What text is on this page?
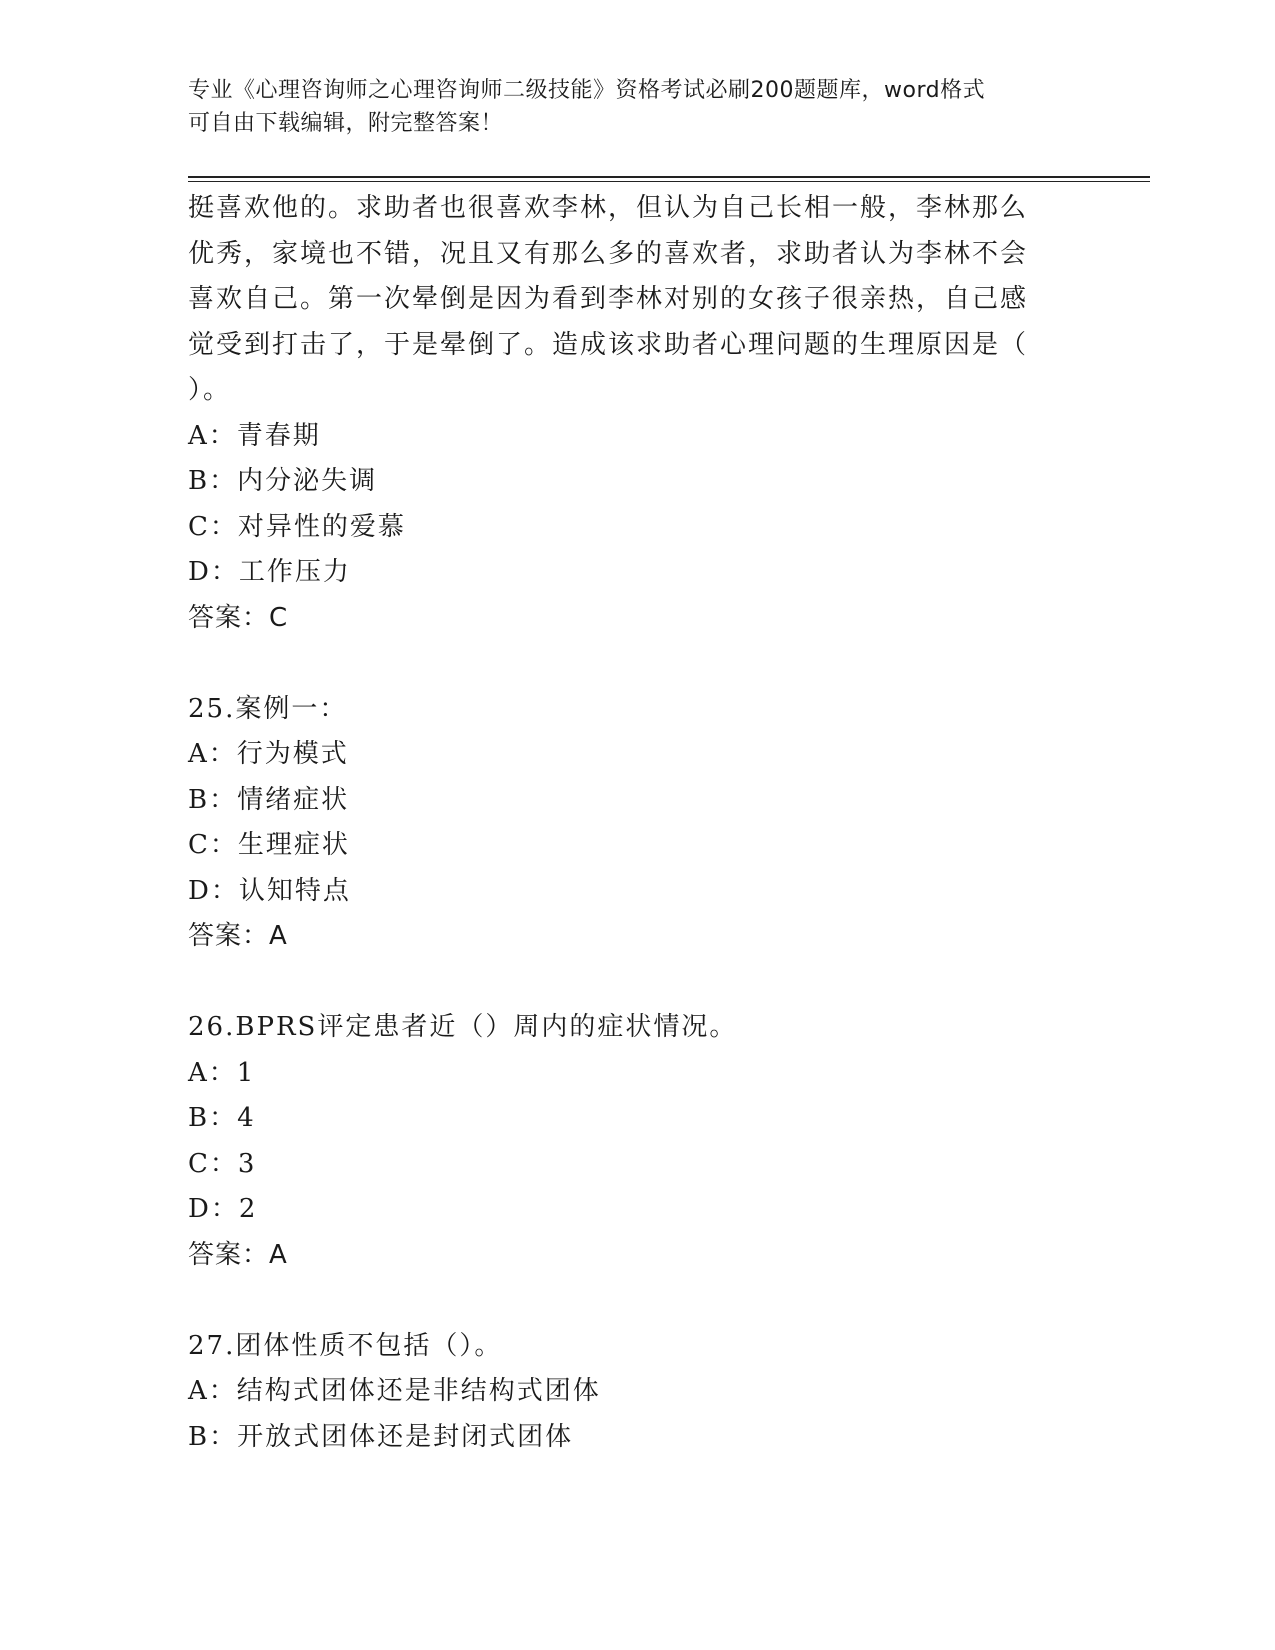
专业《心理咨询师之心理咨询师二级技能》资格考试必刷200题题库，word格式
可自由下载编辑，附完整答案！
挺喜欢他的。求助者也很喜欢李林，但认为自己长相一般，李林那么
优秀，家境也不错，况且又有那么多的喜欢者，求助者认为李林不会
喜欢自己。第一次晕倒是因为看到李林对别的女孩子很亲热，自己感
觉受到打击了，于是晕倒了。造成该求助者心理问题的生理原因是（
）。
A：青春期
B：内分泌失调
C：对异性的爱慕
D：工作压力
答案：C
25.案例一：
A：行为模式
B：情绪症状
C：生理症状
D：认知特点
答案：A
26.BPRS评定患者近（）周内的症状情况。
A：1
B：4
C：3
D：2
答案：A
27.团体性质不包括（）。
A：结构式团体还是非结构式团体
B：开放式团体还是封闭式团体
